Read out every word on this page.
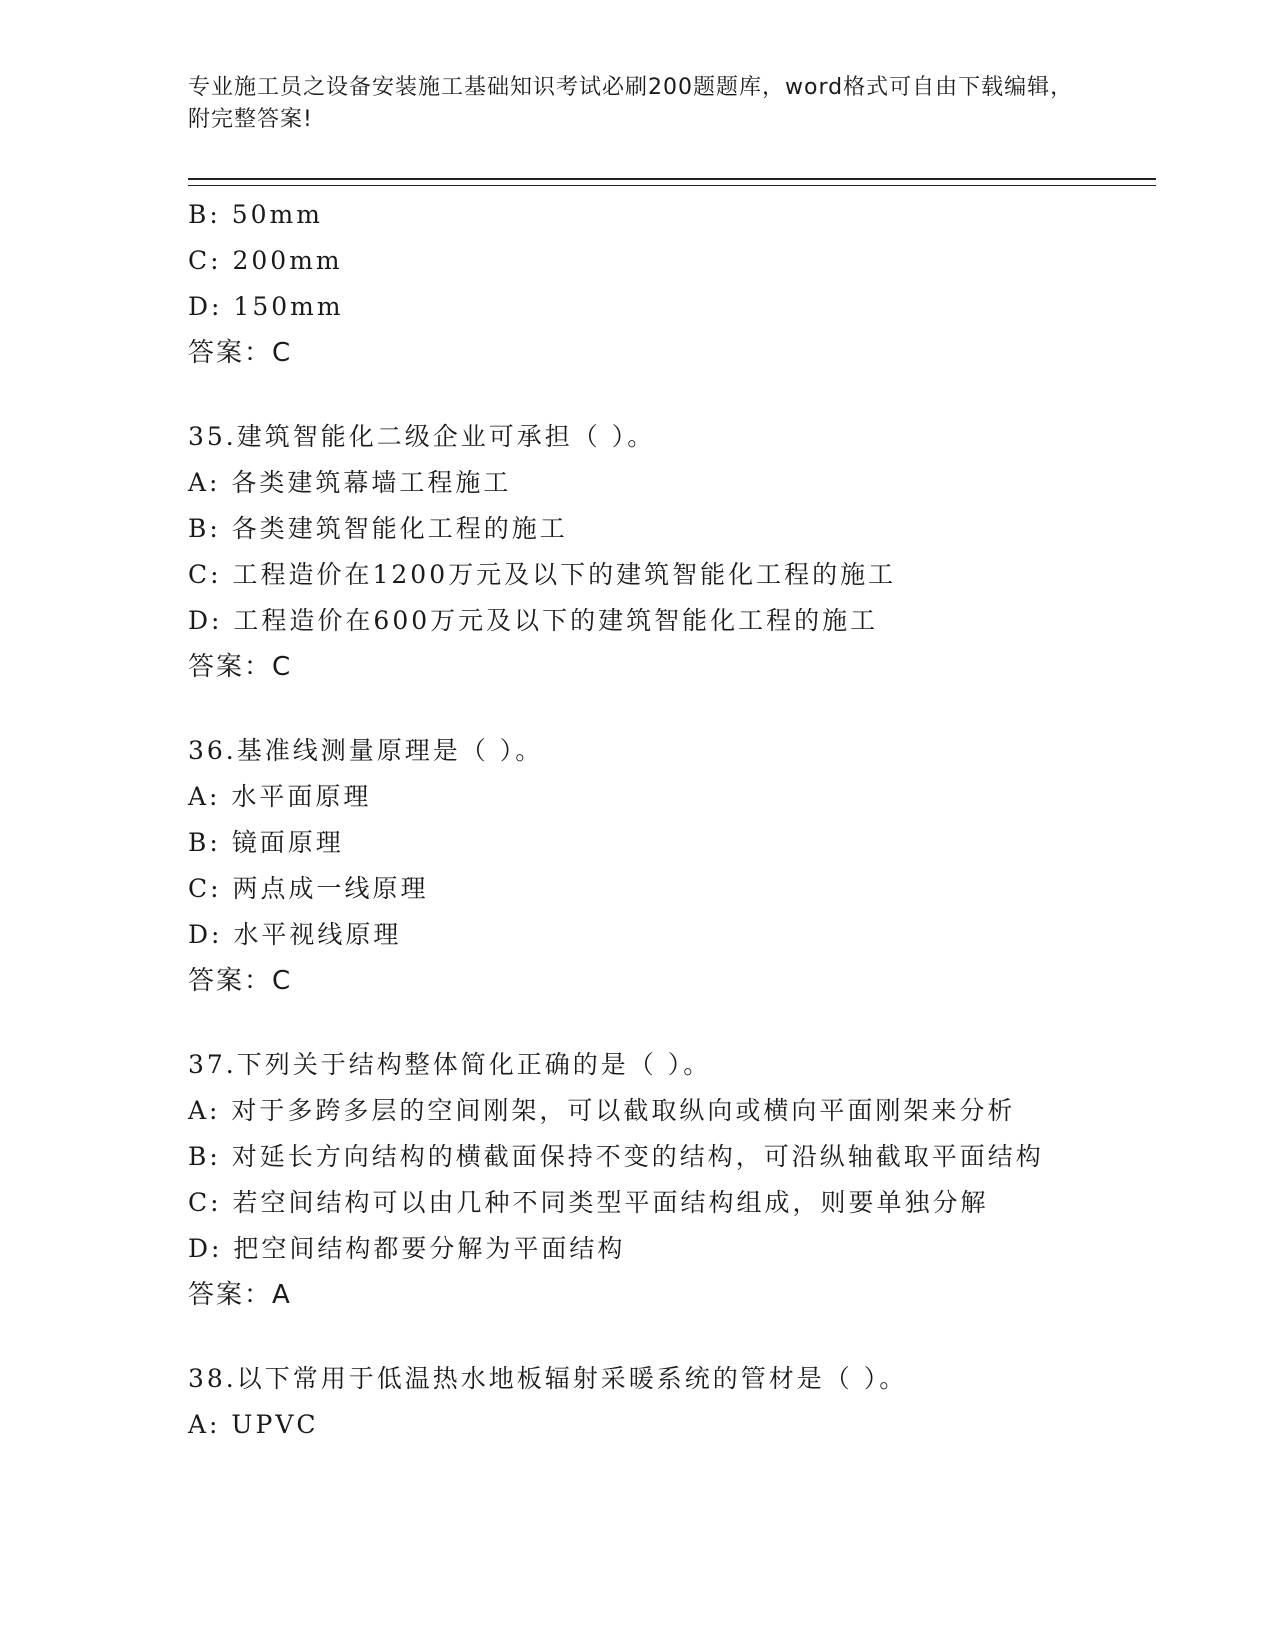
专业施工员之设备安装施工基础知识考试必刷200题题库，word格式可自由下载编辑，附完整答案!
B: 50mm
C: 200mm
D: 150mm
答案：C
35.建筑智能化二级企业可承担（ ）。
A: 各类建筑幕墙工程施工
B: 各类建筑智能化工程的施工
C: 工程造价在1200万元及以下的建筑智能化工程的施工
D: 工程造价在600万元及以下的建筑智能化工程的施工
答案：C
36.基准线测量原理是（ ）。
A: 水平面原理
B: 镜面原理
C: 两点成一线原理
D: 水平视线原理
答案：C
37.下列关于结构整体简化正确的是（ ）。
A: 对于多跨多层的空间刚架，可以截取纵向或横向平面刚架来分析
B: 对延长方向结构的横截面保持不变的结构，可沿纵轴截取平面结构
C: 若空间结构可以由几种不同类型平面结构组成，则要单独分解
D: 把空间结构都要分解为平面结构
答案：A
38.以下常用于低温热水地板辐射采暖系统的管材是（ ）。
A: UPVC
